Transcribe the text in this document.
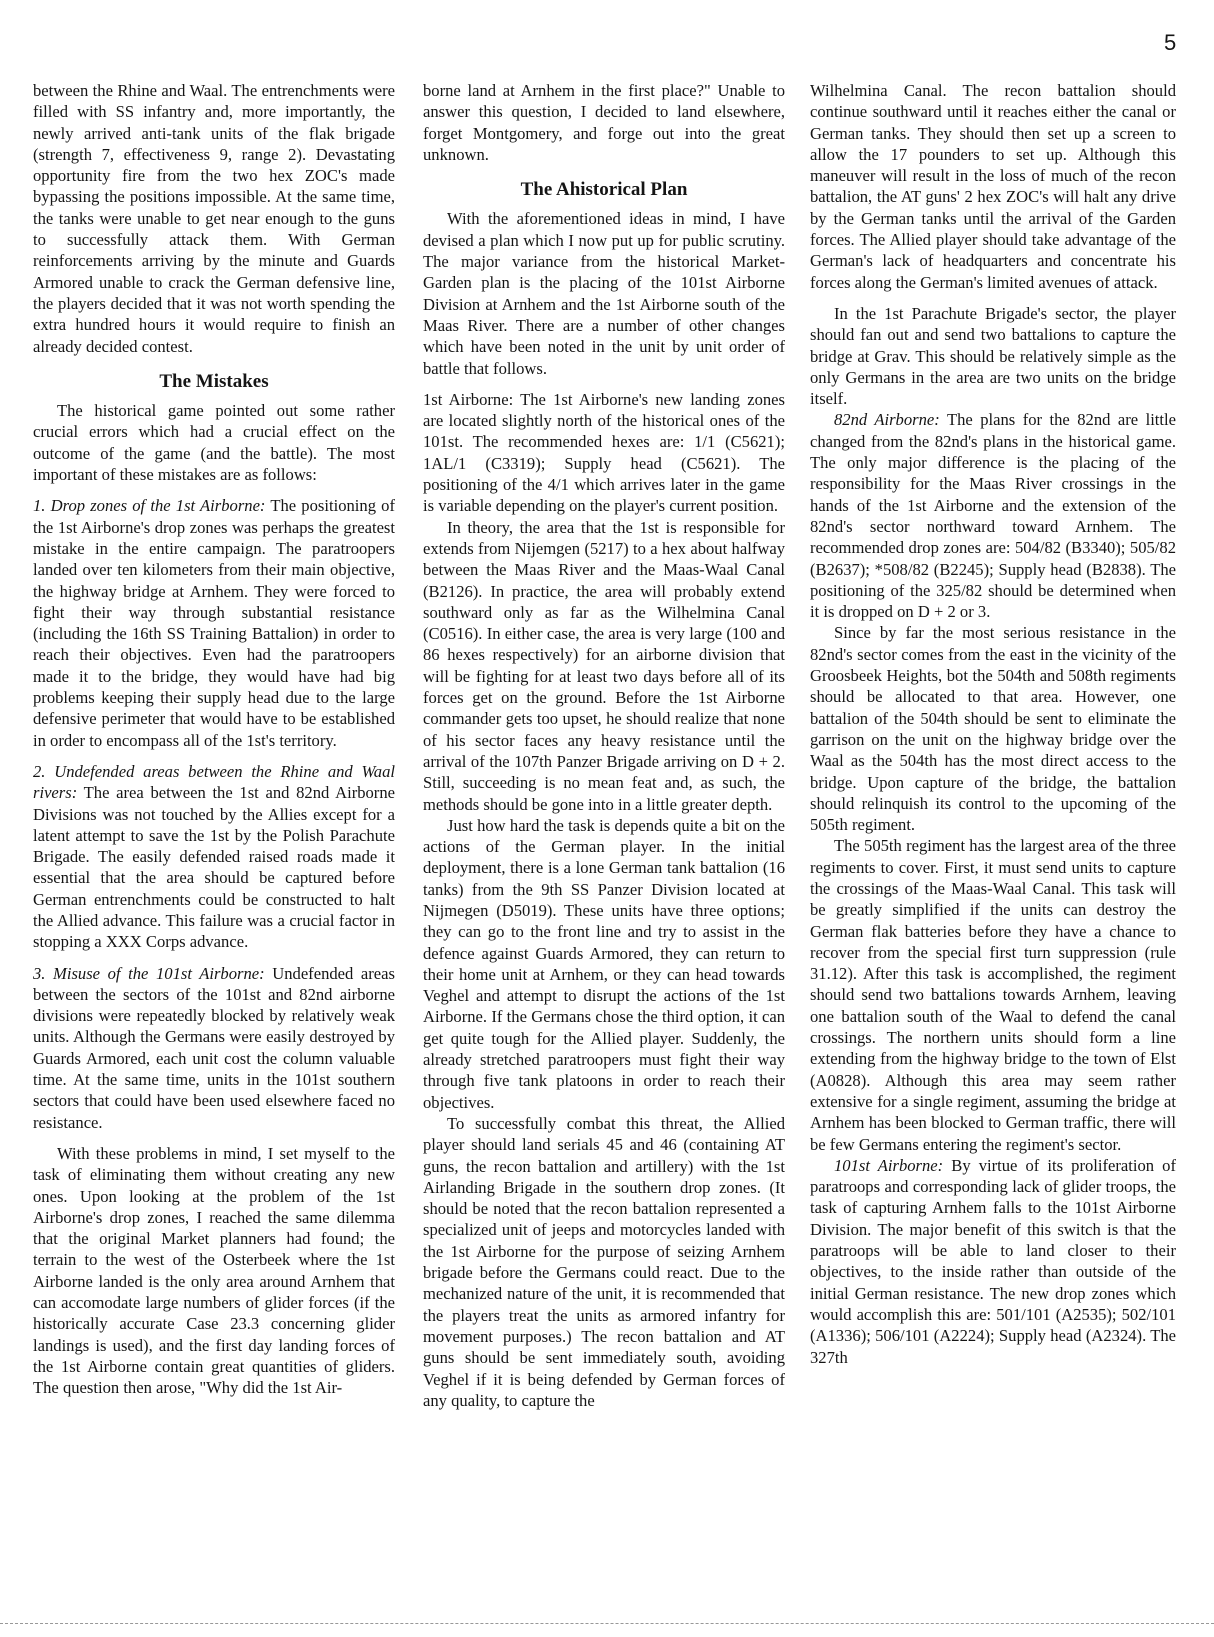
5

between the Rhine and Waal. The entrenchments were filled with SS infantry and, more importantly, the newly arrived anti-tank units of the flak brigade (strength 7, effectiveness 9, range 2). Devastating opportunity fire from the two hex ZOC's made bypassing the positions impossible. At the same time, the tanks were unable to get near enough to the guns to successfully attack them. With German reinforcements arriving by the minute and Guards Armored unable to crack the German defensive line, the players decided that it was not worth spending the extra hundred hours it would require to finish an already decided contest.

The Mistakes

The historical game pointed out some rather crucial errors which had a crucial effect on the outcome of the game (and the battle). The most important of these mistakes are as follows:

1. Drop zones of the 1st Airborne: The positioning of the 1st Airborne's drop zones was perhaps the greatest mistake in the entire campaign. The paratroopers landed over ten kilometers from their main objective, the highway bridge at Arnhem. They were forced to fight their way through substantial resistance (including the 16th SS Training Battalion) in order to reach their objectives. Even had the paratroopers made it to the bridge, they would have had big problems keeping their supply head due to the large defensive perimeter that would have to be established in order to encompass all of the 1st's territory.

2. Undefended areas between the Rhine and Waal rivers: The area between the 1st and 82nd Airborne Divisions was not touched by the Allies except for a latent attempt to save the 1st by the Polish Parachute Brigade. The easily defended raised roads made it essential that the area should be captured before German entrenchments could be constructed to halt the Allied advance. This failure was a crucial factor in stopping a XXX Corps advance.

3. Misuse of the 101st Airborne: Undefended areas between the sectors of the 101st and 82nd airborne divisions were repeatedly blocked by relatively weak units. Although the Germans were easily destroyed by Guards Armored, each unit cost the column valuable time. At the same time, units in the 101st southern sectors that could have been used elsewhere faced no resistance.

With these problems in mind, I set myself to the task of eliminating them without creating any new ones. Upon looking at the problem of the 1st Airborne's drop zones, I reached the same dilemma that the original Market planners had found; the terrain to the west of the Osterbeek where the 1st Airborne landed is the only area around Arnhem that can accomodate large numbers of glider forces (if the historically accurate Case 23.3 concerning glider landings is used), and the first day landing forces of the 1st Airborne contain great quantities of gliders. The question then arose, "Why did the 1st Air-

borne land at Arnhem in the first place?" Unable to answer this question, I decided to land elsewhere, forget Montgomery, and forge out into the great unknown.

The Ahistorical Plan

With the aforementioned ideas in mind, I have devised a plan which I now put up for public scrutiny. The major variance from the historical Market-Garden plan is the placing of the 101st Airborne Division at Arnhem and the 1st Airborne south of the Maas River. There are a number of other changes which have been noted in the unit by unit order of battle that follows.

1st Airborne: The 1st Airborne's new landing zones are located slightly north of the historical ones of the 101st. The recommended hexes are: 1/1 (C5621); 1AL/1 (C3319); Supply head (C5621). The positioning of the 4/1 which arrives later in the game is variable depending on the player's current position.

In theory, the area that the 1st is responsible for extends from Nijemgen (5217) to a hex about halfway between the Maas River and the Maas-Waal Canal (B2126). In practice, the area will probably extend southward only as far as the Wilhelmina Canal (C0516). In either case, the area is very large (100 and 86 hexes respectively) for an airborne division that will be fighting for at least two days before all of its forces get on the ground. Before the 1st Airborne commander gets too upset, he should realize that none of his sector faces any heavy resistance until the arrival of the 107th Panzer Brigade arriving on D + 2. Still, succeeding is no mean feat and, as such, the methods should be gone into in a little greater depth.

Just how hard the task is depends quite a bit on the actions of the German player. In the initial deployment, there is a lone German tank battalion (16 tanks) from the 9th SS Panzer Division located at Nijmegen (D5019). These units have three options; they can go to the front line and try to assist in the defence against Guards Armored, they can return to their home unit at Arnhem, or they can head towards Veghel and attempt to disrupt the actions of the 1st Airborne. If the Germans chose the third option, it can get quite tough for the Allied player. Suddenly, the already stretched paratroopers must fight their way through five tank platoons in order to reach their objectives.

To successfully combat this threat, the Allied player should land serials 45 and 46 (containing AT guns, the recon battalion and artillery) with the 1st Airlanding Brigade in the southern drop zones. (It should be noted that the recon battalion represented a specialized unit of jeeps and motorcycles landed with the 1st Airborne for the purpose of seizing Arnhem brigade before the Germans could react. Due to the mechanized nature of the unit, it is recommended that the players treat the units as armored infantry for movement purposes.) The recon battalion and AT guns should be sent immediately south, avoiding Veghel if it is being defended by German forces of any quality, to capture the

Wilhelmina Canal. The recon battalion should continue southward until it reaches either the canal or German tanks. They should then set up a screen to allow the 17 pounders to set up. Although this maneuver will result in the loss of much of the recon battalion, the AT guns' 2 hex ZOC's will halt any drive by the German tanks until the arrival of the Garden forces. The Allied player should take advantage of the German's lack of headquarters and concentrate his forces along the German's limited avenues of attack.

In the 1st Parachute Brigade's sector, the player should fan out and send two battalions to capture the bridge at Grav. This should be relatively simple as the only Germans in the area are two units on the bridge itself.

82nd Airborne: The plans for the 82nd are little changed from the 82nd's plans in the historical game. The only major difference is the placing of the responsibility for the Maas River crossings in the hands of the 1st Airborne and the extension of the 82nd's sector northward toward Arnhem. The recommended drop zones are: 504/82 (B3340); 505/82 (B2637); *508/82 (B2245); Supply head (B2838). The positioning of the 325/82 should be determined when it is dropped on D + 2 or 3.

Since by far the most serious resistance in the 82nd's sector comes from the east in the vicinity of the Groosbeek Heights, bot the 504th and 508th regiments should be allocated to that area. However, one battalion of the 504th should be sent to eliminate the garrison on the unit on the highway bridge over the Waal as the 504th has the most direct access to the bridge. Upon capture of the bridge, the battalion should relinquish its control to the upcoming of the 505th regiment.

The 505th regiment has the largest area of the three regiments to cover. First, it must send units to capture the crossings of the Maas-Waal Canal. This task will be greatly simplified if the units can destroy the German flak batteries before they have a chance to recover from the special first turn suppression (rule 31.12). After this task is accomplished, the regiment should send two battalions towards Arnhem, leaving one battalion south of the Waal to defend the canal crossings. The northern units should form a line extending from the highway bridge to the town of Elst (A0828). Although this area may seem rather extensive for a single regiment, assuming the bridge at Arnhem has been blocked to German traffic, there will be few Germans entering the regiment's sector.

101st Airborne: By virtue of its proliferation of paratroops and corresponding lack of glider troops, the task of capturing Arnhem falls to the 101st Airborne Division. The major benefit of this switch is that the paratroops will be able to land closer to their objectives, to the inside rather than outside of the initial German resistance. The new drop zones which would accomplish this are: 501/101 (A2535); 502/101 (A1336); 506/101 (A2224); Supply head (A2324). The 327th
